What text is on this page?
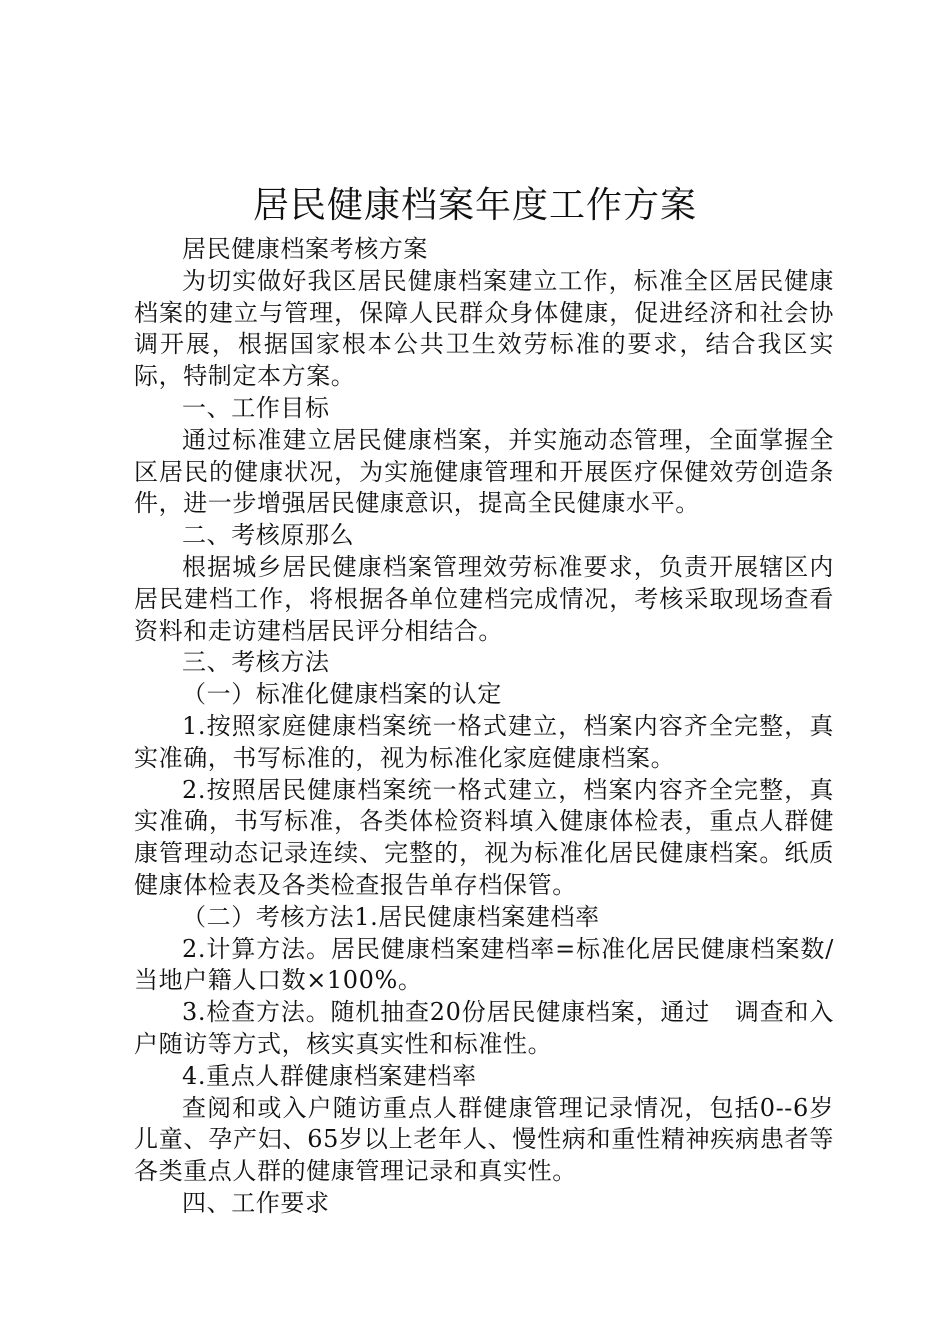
居民健康档案年度工作方案

居民健康档案考核方案

为切实做好我区居民健康档案建立工作，标准全区居民健康档案的建立与管理，保障人民群众身体健康，促进经济和社会协调开展，根据国家根本公共卫生效劳标准的要求，结合我区实际，特制定本方案。

一、工作目标

通过标准建立居民健康档案，并实施动态管理，全面掌握全区居民的健康状况，为实施健康管理和开展医疗保健效劳创造条件，进一步增强居民健康意识，提高全民健康水平。

二、考核原那么

根据城乡居民健康档案管理效劳标准要求，负责开展辖区内居民建档工作，将根据各单位建档完成情况，考核采取现场查看资料和走访建档居民评分相结合。

三、考核方法

（一）标准化健康档案的认定

1.按照家庭健康档案统一格式建立，档案内容齐全完整，真实准确，书写标准的，视为标准化家庭健康档案。

2.按照居民健康档案统一格式建立，档案内容齐全完整，真实准确，书写标准，各类体检资料填入健康体检表，重点人群健康管理动态记录连续、完整的，视为标准化居民健康档案。纸质健康体检表及各类检查报告单存档保管。

（二）考核方法1.居民健康档案建档率

2.计算方法。居民健康档案建档率=标准化居民健康档案数/当地户籍人口数×100%。

3.检查方法。随机抽查20份居民健康档案，通过　调查和入户随访等方式，核实真实性和标准性。

4.重点人群健康档案建档率

查阅和或入户随访重点人群健康管理记录情况，包括0--6岁儿童、孕产妇、65岁以上老年人、慢性病和重性精神疾病患者等各类重点人群的健康管理记录和真实性。

四、工作要求
